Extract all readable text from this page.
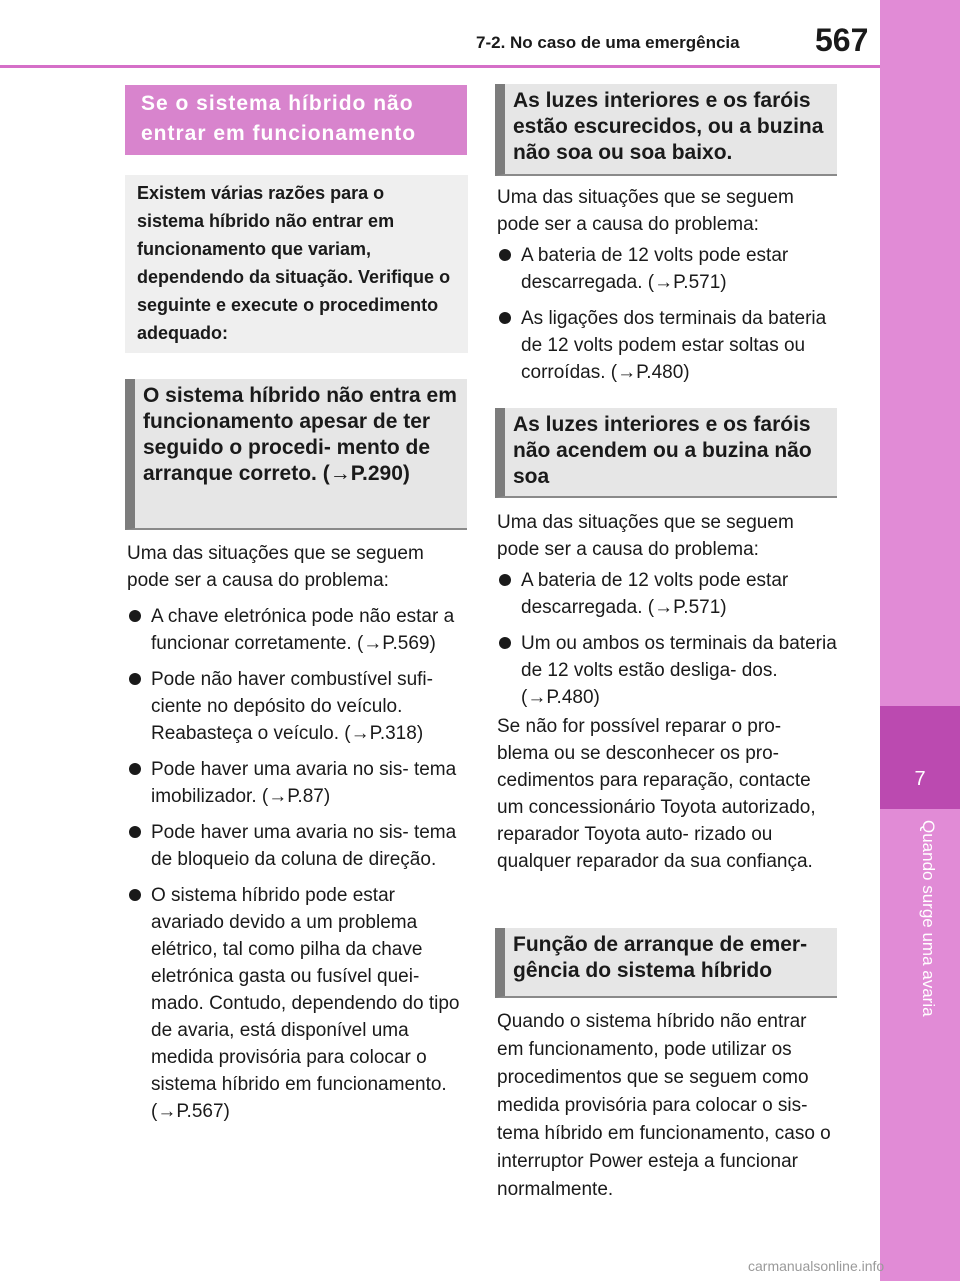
7-2. No caso de uma emergência 567
7
Quando surge uma avaria
Se o sistema híbrido não entrar em funcionamento
Existem várias razões para o sistema híbrido não entrar em funcionamento que variam, dependendo da situação. Verifique o seguinte e execute o procedimento adequado:
O sistema híbrido não entra em funcionamento apesar de ter seguido o procedi- mento de arranque correto. (→P.290)
Uma das situações que se seguem pode ser a causa do problema:
A chave eletrónica pode não estar a funcionar corretamente. (→P.569)
Pode não haver combustível sufi- ciente no depósito do veículo. Reabasteça o veículo. (→P.318)
Pode haver uma avaria no sis- tema imobilizador. (→P.87)
Pode haver uma avaria no sis- tema de bloqueio da coluna de direção.
O sistema híbrido pode estar avariado devido a um problema elétrico, tal como pilha da chave eletrónica gasta ou fusível quei- mado. Contudo, dependendo do tipo de avaria, está disponível uma medida provisória para colocar o sistema híbrido em funcionamento. (→P.567)
As luzes interiores e os faróis estão escurecidos, ou a buzina não soa ou soa baixo.
Uma das situações que se seguem pode ser a causa do problema:
A bateria de 12 volts pode estar descarregada. (→P.571)
As ligações dos terminais da bateria de 12 volts podem estar soltas ou corroídas. (→P.480)
As luzes interiores e os faróis não acendem ou a buzina não soa
Uma das situações que se seguem pode ser a causa do problema:
A bateria de 12 volts pode estar descarregada. (→P.571)
Um ou ambos os terminais da bateria de 12 volts estão desliga- dos. (→P.480)
Se não for possível reparar o pro- blema ou se desconhecer os pro- cedimentos para reparação, contacte um concessionário Toyota autorizado, reparador Toyota auto- rizado ou qualquer reparador da sua confiança.
Função de arranque de emer- gência do sistema híbrido
Quando o sistema híbrido não entrar em funcionamento, pode utilizar os procedimentos que se seguem como medida provisória para colocar o sis- tema híbrido em funcionamento, caso o interruptor Power esteja a funcionar normalmente.
carmanualsonline.info
